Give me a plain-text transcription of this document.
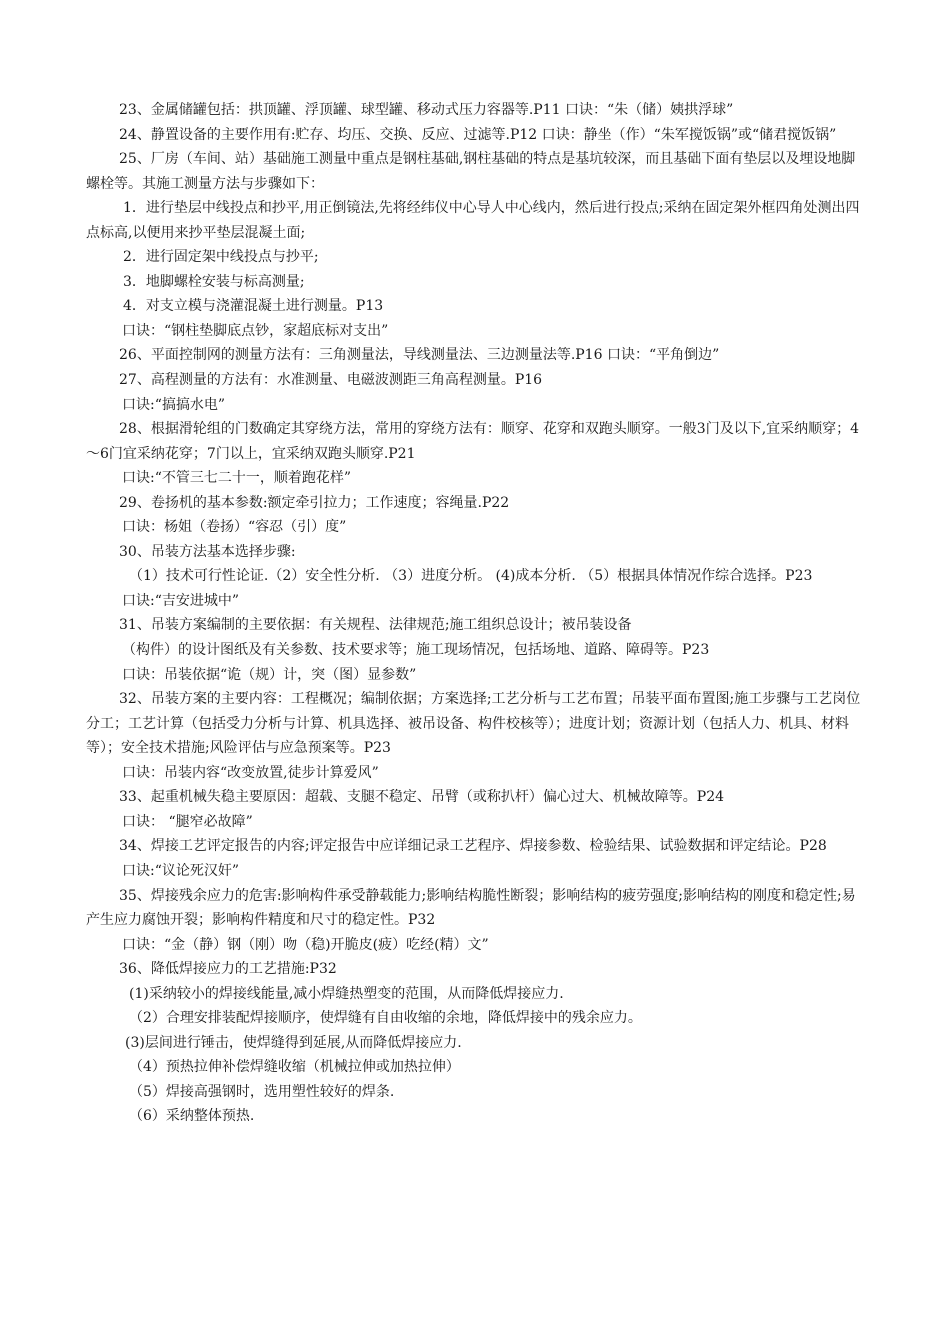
23、金属储罐包括：拱顶罐、浮顶罐、球型罐、移动式压力容器等.P11 口诀：“朱（储）姨拱浮球”

24、静置设备的主要作用有:贮存、均压、交换、反应、过滤等.P12 口诀：静坐（作）“朱军搅饭锅”或“储君搅饭锅”

25、厂房（车间、站）基础施工测量中重点是钢柱基础,钢柱基础的特点是基坑较深，而且基础下面有垫层以及埋设地脚螺栓等。其施工测量方法与步骤如下：

1．进行垫层中线投点和抄平,用正倒镜法,先将经纬仪中心导人中心线内，然后进行投点;采纳在固定架外框四角处测出四点标高,以便用来抄平垫层混凝土面;

2．进行固定架中线投点与抄平;

3．地脚螺栓安装与标高测量;

4．对支立模与浇灌混凝土进行测量。P13

口诀：“钢柱垫脚底点钞，家超底标对支出”

26、平面控制网的测量方法有：三角测量法，导线测量法、三边测量法等.P16 口诀：“平角倒边”

27、高程测量的方法有：水准测量、电磁波测距三角高程测量。P16

口诀:“搞搞水电”

28、根据滑轮组的门数确定其穿绕方法，常用的穿绕方法有：顺穿、花穿和双跑头顺穿。一般3门及以下,宜采纳顺穿；4～6门宜采纳花穿；7门以上，宜采纳双跑头顺穿.P21

口诀:“不管三七二十一，顺着跑花样”

29、卷扬机的基本参数:额定牵引拉力；工作速度；容绳量.P22

口诀：杨姐（卷扬）“容忍（引）度”

30、吊装方法基本选择步骤:

（1）技术可行性论证.（2）安全性分析. （3）进度分析。 (4)成本分析. （5）根据具体情况作综合选择。P23

口诀:“吉安进城中”

31、吊装方案编制的主要依据：有关规程、法律规范;施工组织总设计；被吊装设备

（构件）的设计图纸及有关参数、技术要求等；施工现场情况，包括场地、道路、障碍等。P23

口诀：吊装依据“诡（规）计，突（图）显参数”

32、吊装方案的主要内容：工程概况；编制依据；方案选择;工艺分析与工艺布置；吊装平面布置图;施工步骤与工艺岗位分工；工艺计算（包括受力分析与计算、机具选择、被吊设备、构件校核等）；进度计划；资源计划（包括人力、机具、材料等）；安全技术措施;风险评估与应急预案等。P23

口诀：吊装内容“改变放置,徒步计算爱风”

33、起重机械失稳主要原因：超载、支腿不稳定、吊臂（或称扒杆）偏心过大、机械故障等。P24

口诀： “腿窄必故障”

34、焊接工艺评定报告的内容;评定报告中应详细记录工艺程序、焊接参数、检验结果、试验数据和评定结论。P28

口诀:“议论死汉奸”

35、焊接残余应力的危害:影响构件承受静载能力;影响结构脆性断裂；影响结构的疲劳强度;影响结构的刚度和稳定性;易产生应力腐蚀开裂；影响构件精度和尺寸的稳定性。P32

口诀：“金（静）钢（刚）吻（稳)开脆皮(疲）吃经(精）文”

36、降低焊接应力的工艺措施:P32

(1)采纳较小的焊接线能量,减小焊缝热塑变的范围，从而降低焊接应力.

（2）合理安排装配焊接顺序，使焊缝有自由收缩的余地，降低焊接中的残余应力。

(3)层间进行锤击，使焊缝得到延展,从而降低焊接应力.

（4）预热拉伸补偿焊缝收缩（机械拉伸或加热拉伸）

（5）焊接高强钢时，选用塑性较好的焊条.

（6）采纳整体预热.
